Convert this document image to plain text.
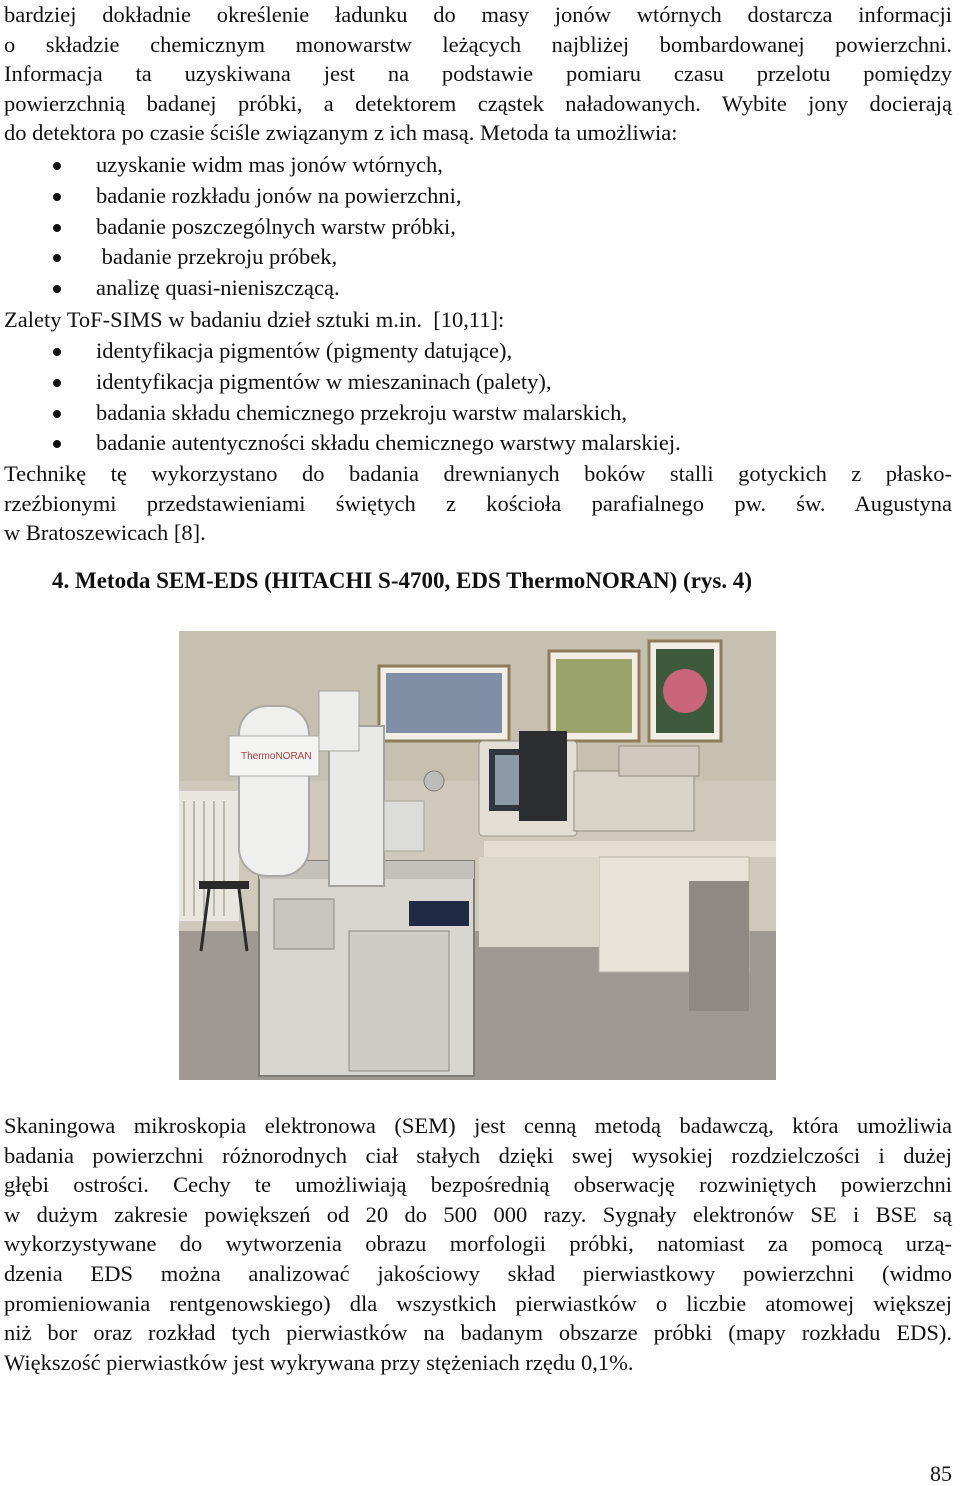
bardziej dokładnie określenie ładunku do masy jonów wtórnych dostarcza informacji
o składzie chemicznym monowarstw leżących najbliżej bombardowanej powierzchni.
Informacja ta uzyskiwana jest na podstawie pomiaru czasu przelotu pomiędzy
powierzchnią badanej próbki, a detektorem cząstek naładowanych. Wybite jony docierają
do detektora po czasie ściśle związanym z ich masą. Metoda ta umożliwia:
uzyskanie widm mas jonów wtórnych,
badanie rozkładu jonów na powierzchni,
badanie poszczególnych warstw próbki,
badanie przekroju próbek,
analizę quasi-nieniszczącą.
Zalety ToF-SIMS w badaniu dzieł sztuki m.in.  [10,11]:
identyfikacja pigmentów (pigmenty datujące),
identyfikacja pigmentów w mieszaninach (palety),
badania składu chemicznego przekroju warstw malarskich,
badanie autentyczności składu chemicznego warstwy malarskiej.
Technikę tę wykorzystano do badania drewnianych boków stalli gotyckich z płasko-
rzeźbionymi przedstawieniami świętych z kościoła parafialnego pw. św. Augustyna
w Bratoszewicach [8].
4. Metoda SEM-EDS (HITACHI S-4700, EDS ThermoNORAN) (rys. 4)
ThermoNORAN
Skaningowa mikroskopia elektronowa (SEM) jest cenną metodą badawczą, która umożliwia
badania powierzchni różnorodnych ciał stałych dzięki swej wysokiej rozdzielczości i dużej
głębi ostrości. Cechy te umożliwiają bezpośrednią obserwację rozwiniętych powierzchni
w dużym zakresie powiększeń od 20 do 500 000 razy. Sygnały elektronów SE i BSE są
wykorzystywane do wytworzenia obrazu morfologii próbki, natomiast za pomocą urzą-
dzenia EDS można analizować jakościowy skład pierwiastkowy powierzchni (widmo
promieniowania rentgenowskiego) dla wszystkich pierwiastków o liczbie atomowej większej
niż bor oraz rozkład tych pierwiastków na badanym obszarze próbki (mapy rozkładu EDS).
Większość pierwiastków jest wykrywana przy stężeniach rzędu 0,1%.
85
